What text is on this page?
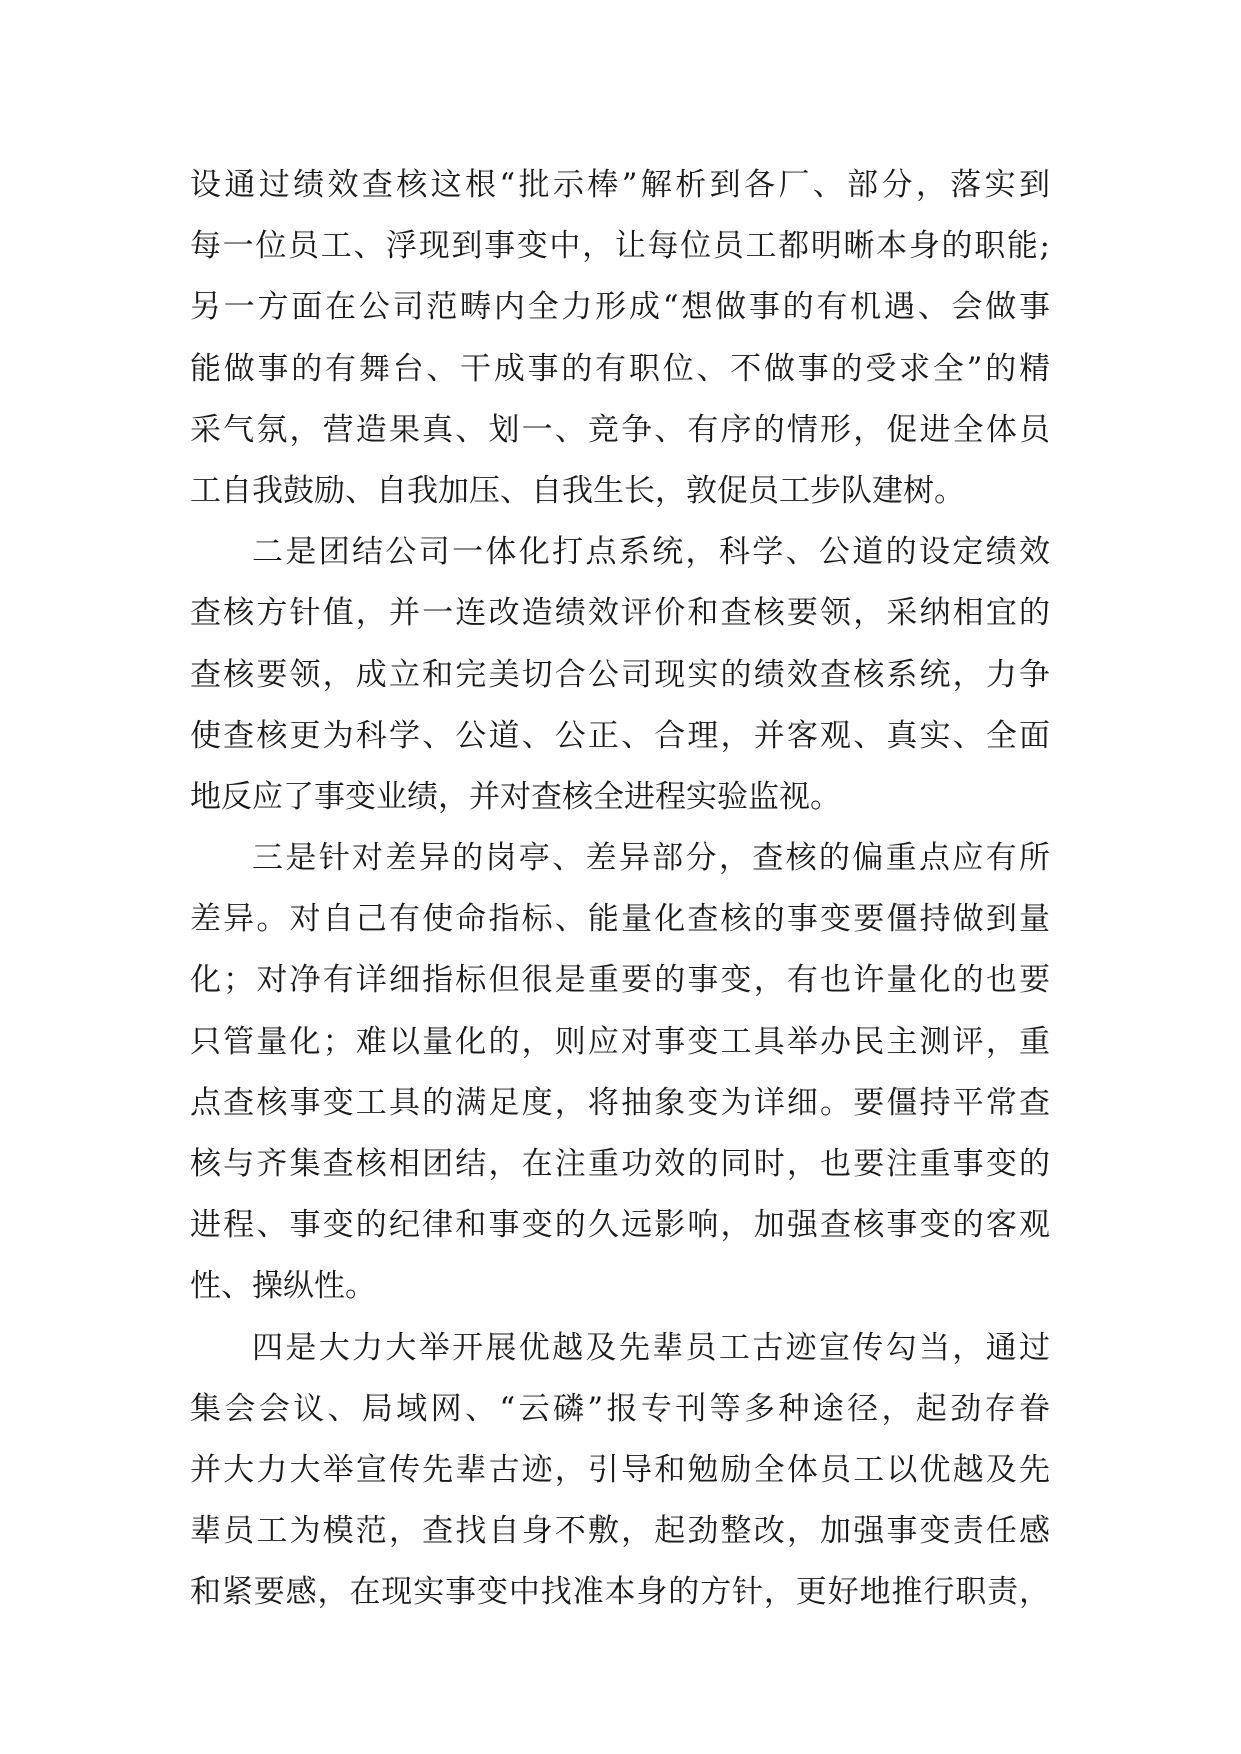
设通过绩效查核这根“批示棒”解析到各厂、部分，落实到
每一位员工、浮现到事变中，让每位员工都明晰本身的职能;
另一方面在公司范畴内全力形成“想做事的有机遇、会做事
能做事的有舞台、干成事的有职位、不做事的受求全”的精
采气氛，营造果真、划一、竞争、有序的情形，促进全体员
工自我鼓励、自我加压、自我生长，敦促员工步队建树。
二是团结公司一体化打点系统，科学、公道的设定绩效
查核方针值，并一连改造绩效评价和查核要领，采纳相宜的
查核要领，成立和完美切合公司现实的绩效查核系统，力争
使查核更为科学、公道、公正、合理，并客观、真实、全面
地反应了事变业绩，并对查核全进程实验监视。
三是针对差异的岗亭、差异部分，查核的偏重点应有所
差异。对自己有使命指标、能量化查核的事变要僵持做到量
化；对净有详细指标但很是重要的事变，有也许量化的也要
只管量化；难以量化的，则应对事变工具举办民主测评，重
点查核事变工具的满足度，将抽象变为详细。要僵持平常查
核与齐集查核相团结，在注重功效的同时，也要注重事变的
进程、事变的纪律和事变的久远影响，加强查核事变的客观
性、操纵性。
四是大力大举开展优越及先辈员工古迹宣传勾当，通过
集会会议、局域网、“云磷”报专刊等多种途径，起劲存眷
并大力大举宣传先辈古迹，引导和勉励全体员工以优越及先
辈员工为模范，查找自身不敷，起劲整改，加强事变责任感
和紧要感，在现实事变中找准本身的方针，更好地推行职责，
